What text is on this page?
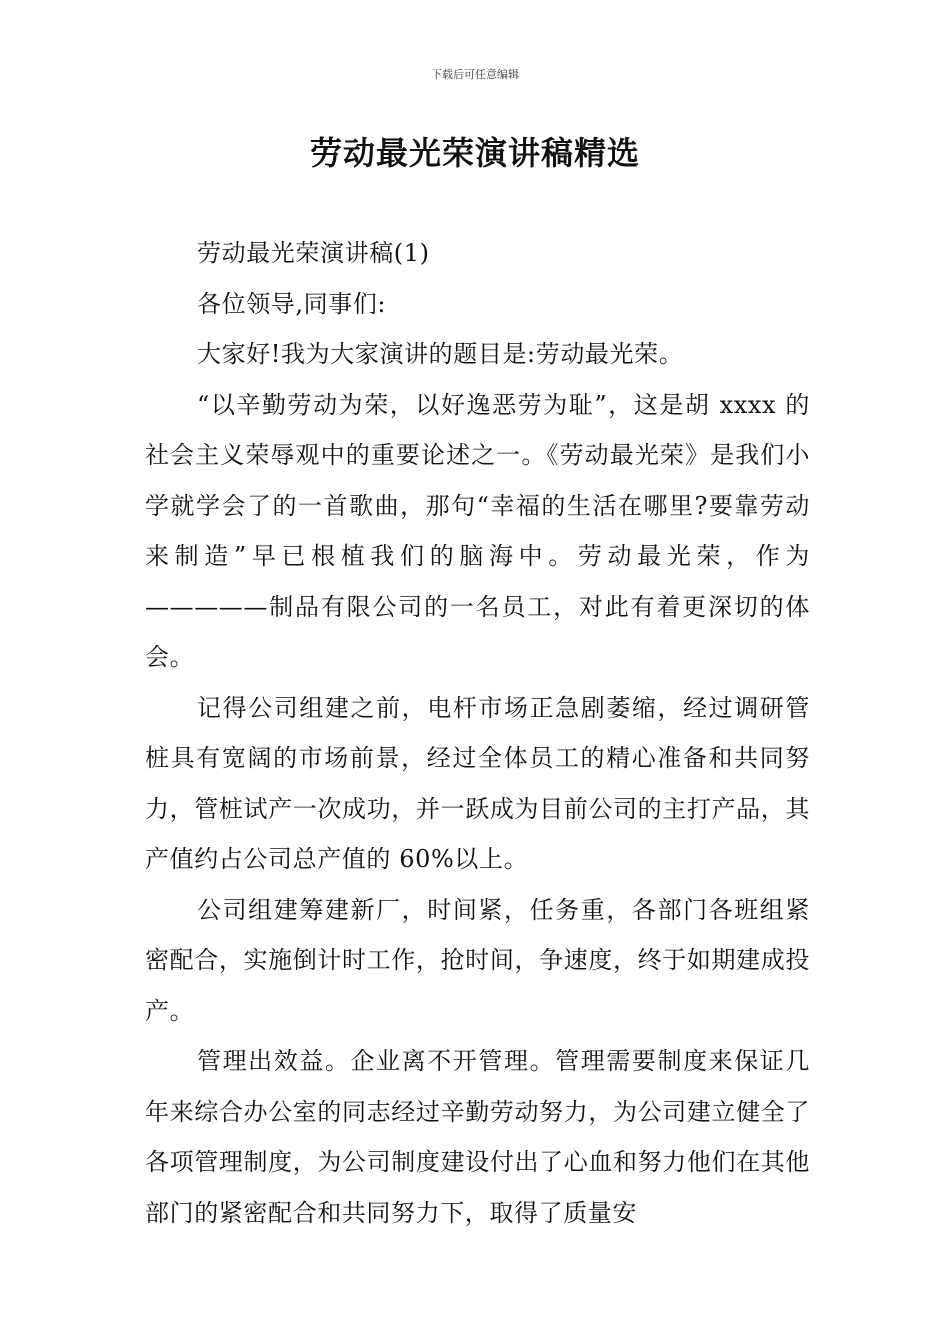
下载后可任意编辑
劳动最光荣演讲稿精选

劳动最光荣演讲稿(1)

各位领导,同事们:

大家好!我为大家演讲的题目是:劳动最光荣。

“以辛勤劳动为荣，以好逸恶劳为耻”，这是胡 xxxx 的社会主义荣辱观中的重要论述之一。《劳动最光荣》是我们小学就学会了的一首歌曲，那句“幸福的生活在哪里?要靠劳动来制造”早已根植我们的脑海中。劳动最光荣，作为—————制品有限公司的一名员工，对此有着更深切的体会。

记得公司组建之前，电杆市场正急剧萎缩，经过调研管桩具有宽阔的市场前景，经过全体员工的精心准备和共同努力，管桩试产一次成功，并一跃成为目前公司的主打产品，其产值约占公司总产值的 60%以上。

公司组建筹建新厂，时间紧，任务重，各部门各班组紧密配合，实施倒计时工作，抢时间，争速度，终于如期建成投产。

管理出效益。企业离不开管理。管理需要制度来保证几年来综合办公室的同志经过辛勤劳动努力，为公司建立健全了各项管理制度，为公司制度建设付出了心血和努力他们在其他部门的紧密配合和共同努力下，取得了质量安
